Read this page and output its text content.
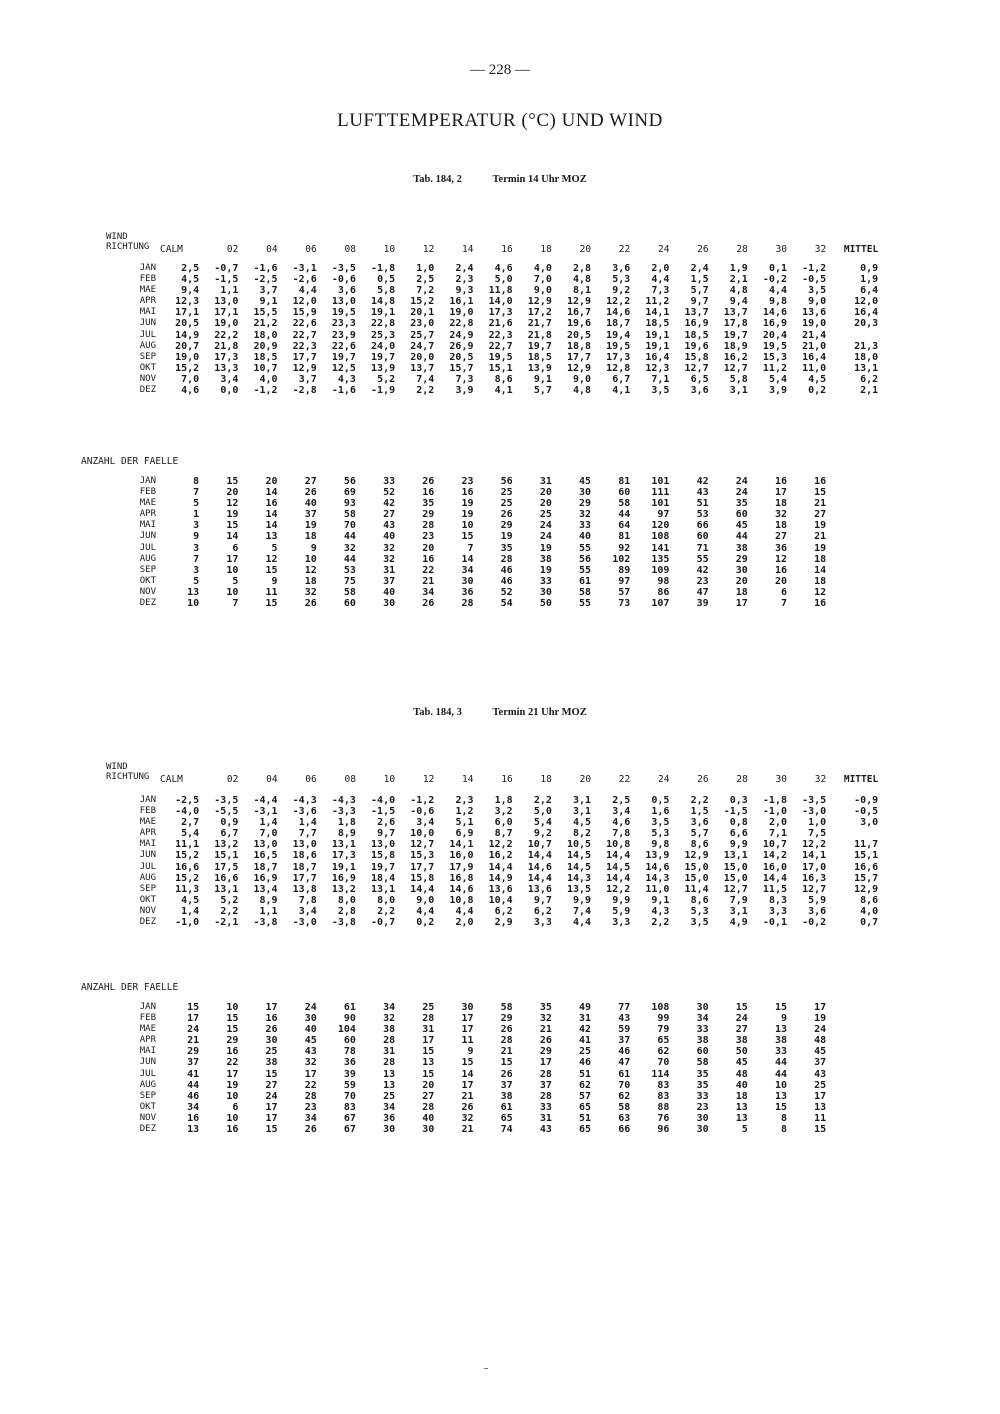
— 228 —
LUFTTEMPERATUR (°C) UND WIND
Tab. 184, 2	Termin 14 Uhr MOZ
WIND
RICHTUNG CALM	02	04	06	08	10	12	14	16	18	20	22	24	26	28	30	32	MITTEL
JAN	2,5	-0,7	-1,6	-3,1	-3,5	-1,8	1,0	2,4	4,6	4,0	2,8	3,6	2,0	2,4	1,9	0,1	-1,2	0,9
FEB	4,5	-1,5	-2,5	-2,6	-0,6	0,5	2,5	2,3	5,0	7,0	4,8	5,3	4,4	1,5	2,1	-0,2	-0,5	1,9
MAE	9,4	1,1	3,7	4,4	3,6	5,8	7,2	9,3	11,8	9,0	8,1	9,2	7,3	5,7	4,8	4,4	3,5	6,4
APR	12,3	13,0	9,1	12,0	13,0	14,8	15,2	16,1	14,0	12,9	12,9	12,2	11,2	9,7	9,4	9,8	9,0	12,0
MAI	17,1	17,1	15,5	15,9	19,5	19,1	20,1	19,0	17,3	17,2	16,7	14,6	14,1	13,7	13,7	14,6	13,6	16,4
JUN	20,5	19,0	21,2	22,6	23,3	22,8	23,0	22,8	21,6	21,7	19,6	18,7	18,5	16,9	17,8	16,9	19,0	20,3
JUL	14,9	22,2	18,0	22,7	23,9	25,3	25,7	24,9	22,3	21,8	20,5	19,4	19,1	18,5	19,7	20,4	21,4	
AUG	20,7	21,8	20,9	22,3	22,6	24,0	24,7	26,9	22,7	19,7	18,8	19,5	19,1	19,6	18,9	19,5	21,0	21,3
SEP	19,0	17,3	18,5	17,7	19,7	19,7	20,0	20,5	19,5	18,5	17,7	17,3	16,4	15,8	16,2	15,3	16,4	18,0
OKT	15,2	13,3	10,7	12,9	12,5	13,9	13,7	15,7	15,1	13,9	12,9	12,8	12,3	12,7	12,7	11,2	11,0	13,1
NOV	7,0	3,4	4,0	3,7	4,3	5,2	7,4	7,3	8,6	9,1	9,0	6,7	7,1	6,5	5,8	5,4	4,5	6,2
DEZ	4,6	0,0	-1,2	-2,8	-1,6	-1,9	2,2	3,9	4,1	5,7	4,8	4,1	3,5	3,6	3,1	3,9	0,2	2,1
ANZAHL DER FAELLE
JAN	8	15	20	27	56	33	26	23	56	31	45	81	101	42	24	16	16
FEB	7	20	14	26	69	52	16	16	25	20	30	60	111	43	24	17	15
MAE	5	12	16	40	93	42	35	19	25	20	29	58	101	51	35	18	21
APR	1	19	14	37	58	27	29	19	26	25	32	44	97	53	60	32	27
MAI	3	15	14	19	70	43	28	10	29	24	33	64	120	66	45	18	19
JUN	9	14	13	18	44	40	23	15	19	24	40	81	108	60	44	27	21
JUL	3	6	5	9	32	32	20	7	35	19	55	92	141	71	38	36	19
AUG	7	17	12	10	44	32	16	14	28	38	56	102	135	55	29	12	18
SEP	3	10	15	12	53	31	22	34	46	19	55	89	109	42	30	16	14
OKT	5	5	9	18	75	37	21	30	46	33	61	97	98	23	20	20	18
NOV	13	10	11	32	58	40	34	36	52	30	58	57	86	47	18	6	12
DEZ	10	7	15	26	60	30	26	28	54	50	55	73	107	39	17	7	16
Tab. 184, 3	Termin 21 Uhr MOZ
WIND
RICHTUNG CALM	02	04	06	08	10	12	14	16	18	20	22	24	26	28	30	32	MITTEL
JAN	-2,5	-3,5	-4,4	-4,3	-4,3	-4,0	-1,2	2,3	1,8	2,2	3,1	2,5	0,5	2,2	0,3	-1,8	-3,5	-0,9
FEB	-4,0	-5,5	-3,1	-3,6	-3,3	-1,5	-0,6	1,2	3,2	5,0	3,1	3,4	1,6	1,5	-1,5	-1,0	-3,0	-0,5
MAE	2,7	0,9	1,4	1,4	1,8	2,6	3,4	5,1	6,0	5,4	4,5	4,6	3,5	3,6	0,8	2,0	1,0	3,0
APR	5,4	6,7	7,0	7,7	8,9	9,7	10,0	6,9	8,7	9,2	8,2	7,8	5,3	5,7	6,6	7,1	7,5	
MAI	11,1	13,2	13,0	13,0	13,1	13,0	12,7	14,1	12,2	10,7	10,5	10,8	9,8	8,6	9,9	10,7	12,2	11,7
JUN	15,2	15,1	16,5	18,6	17,3	15,8	15,3	16,0	16,2	14,4	14,5	14,4	13,9	12,9	13,1	14,2	14,1	15,1
JUL	16,6	17,5	18,7	18,7	19,1	19,7	17,7	17,9	14,4	14,6	14,5	14,5	14,6	15,0	15,0	16,0	17,0	16,6
AUG	15,2	16,6	16,9	17,7	16,9	18,4	15,8	16,8	14,9	14,4	14,3	14,4	14,3	15,0	15,0	14,4	16,3	15,7
SEP	11,3	13,1	13,4	13,8	13,2	13,1	14,4	14,6	13,6	13,6	13,5	12,2	11,0	11,4	12,7	11,5	12,7	12,9
OKT	4,5	5,2	8,9	7,8	8,0	8,0	9,0	10,8	10,4	9,7	9,9	9,9	9,1	8,6	7,9	8,3	5,9	8,6
NOV	1,4	2,2	1,1	3,4	2,8	2,2	4,4	4,4	6,2	6,2	7,4	5,9	4,3	5,3	3,1	3,3	3,6	4,0
DEZ	-1,0	-2,1	-3,8	-3,0	-3,8	-0,7	0,2	2,0	2,9	3,3	4,4	3,3	2,2	3,5	4,9	-0,1	-0,2	0,7
ANZAHL DER FAELLE
JAN	15	10	17	24	61	34	25	30	58	35	49	77	108	30	15	15	17
FEB	17	15	16	30	90	32	28	17	29	32	31	43	99	34	24	9	19
MAE	24	15	26	40	104	38	31	17	26	21	42	59	79	33	27	13	24
APR	21	29	30	45	60	28	17	11	28	26	41	37	65	38	38	38	48
MAI	29	16	25	43	78	31	15	9	21	29	25	46	62	60	50	33	45
JUN	37	22	38	32	36	28	13	15	15	17	46	47	70	58	45	44	37
JUL	41	17	15	17	39	13	15	14	26	28	51	61	114	35	48	44	43
AUG	44	19	27	22	59	13	20	17	37	37	62	70	83	35	40	10	25
SEP	46	10	24	28	70	25	27	21	38	28	57	62	83	33	18	13	17
OKT	34	6	17	23	83	34	28	26	61	33	65	58	88	23	13	15	13
NOV	16	10	17	34	67	36	40	32	65	31	51	63	76	30	13	8	11
DEZ	13	16	15	26	67	30	30	21	74	43	65	66	96	30	5	8	15
